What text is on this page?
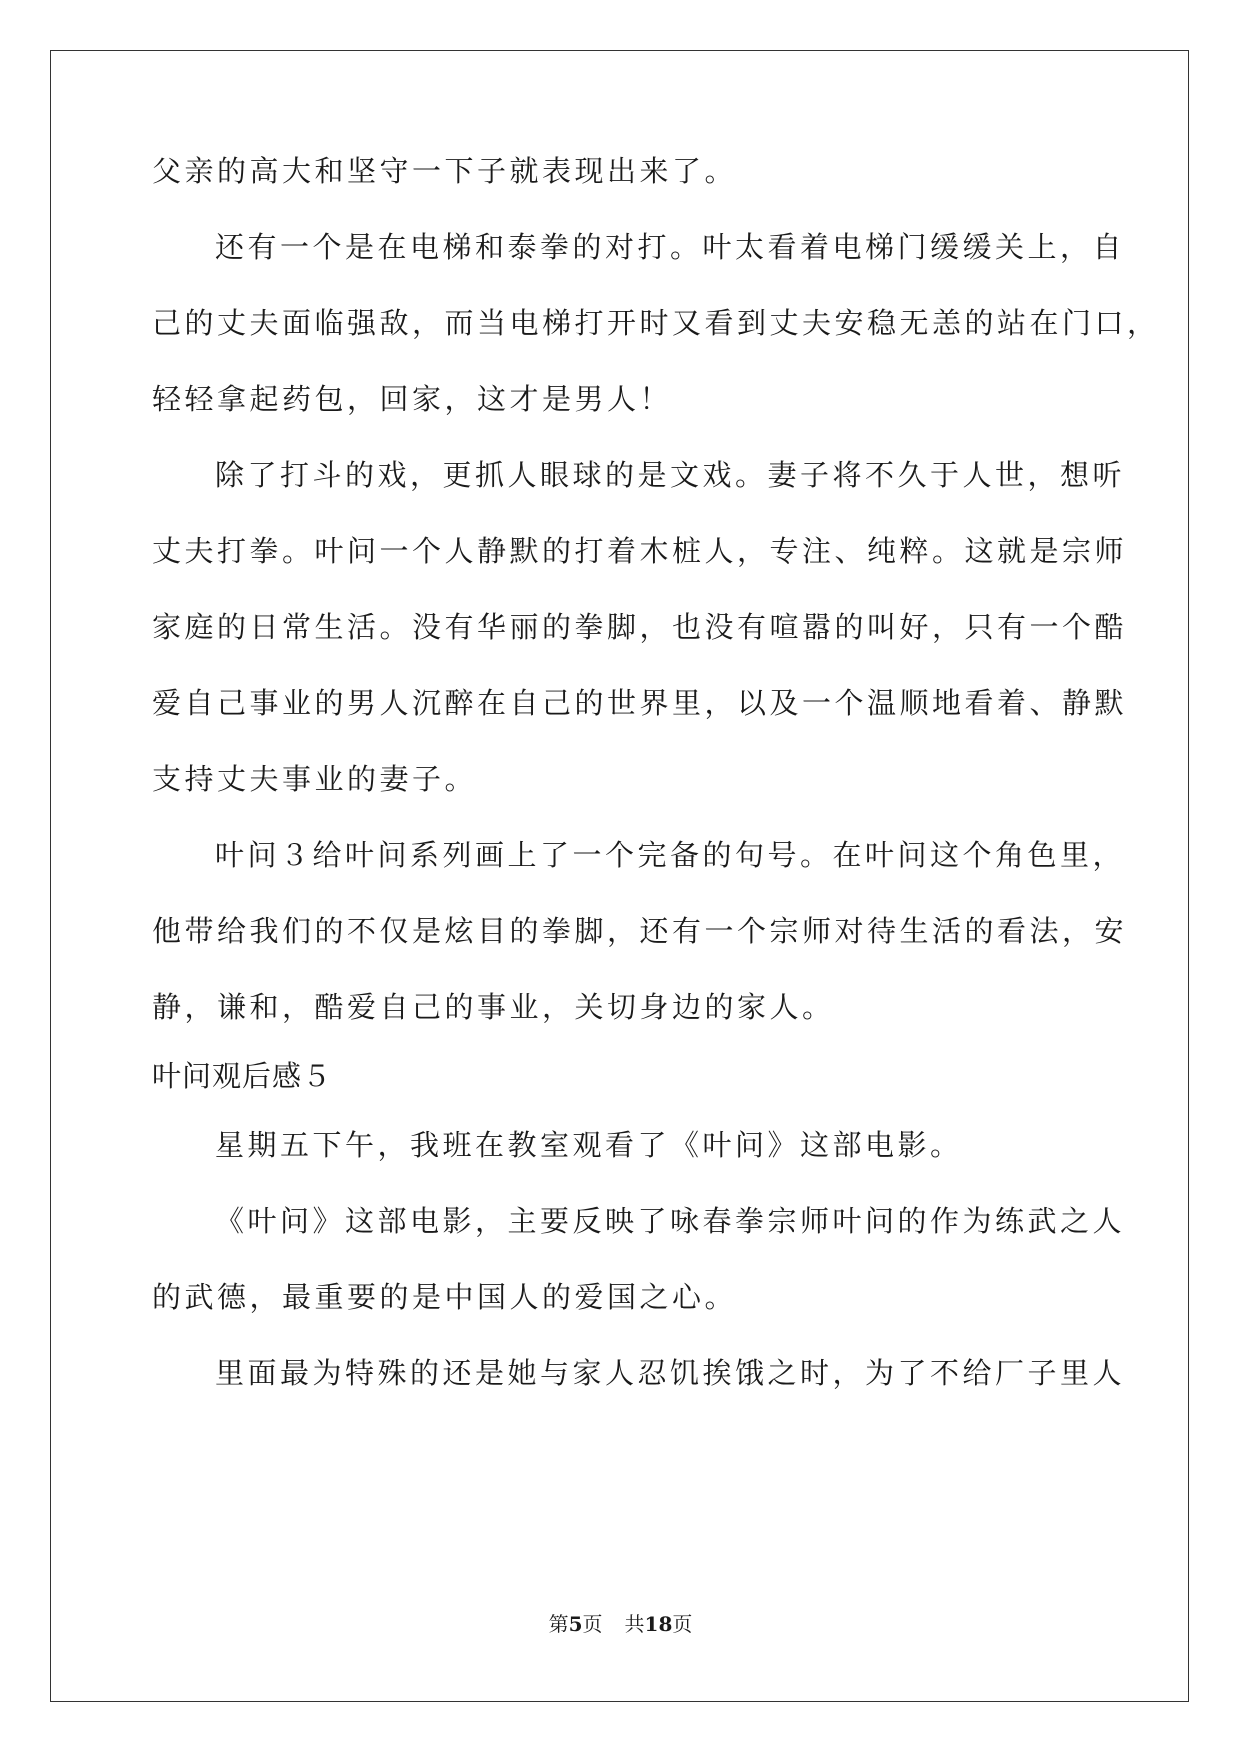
父亲的高大和坚守一下子就表现出来了。
还有一个是在电梯和泰拳的对打。叶太看着电梯门缓缓关上，自
己的丈夫面临强敌，而当电梯打开时又看到丈夫安稳无恙的站在门口，
轻轻拿起药包，回家，这才是男人！
除了打斗的戏，更抓人眼球的是文戏。妻子将不久于人世，想听
丈夫打拳。叶问一个人静默的打着木桩人，专注、纯粹。这就是宗师
家庭的日常生活。没有华丽的拳脚，也没有喧嚣的叫好，只有一个酷
爱自己事业的男人沉醉在自己的世界里，以及一个温顺地看着、静默
支持丈夫事业的妻子。
叶问３给叶问系列画上了一个完备的句号。在叶问这个角色里，
他带给我们的不仅是炫目的拳脚，还有一个宗师对待生活的看法，安
静，谦和，酷爱自己的事业，关切身边的家人。
叶问观后感５
星期五下午，我班在教室观看了《叶问》这部电影。
《叶问》这部电影，主要反映了咏春拳宗师叶问的作为练武之人
的武德，最重要的是中国人的爱国之心。
里面最为特殊的还是她与家人忍饥挨饿之时，为了不给厂子里人
第5页 共18页
